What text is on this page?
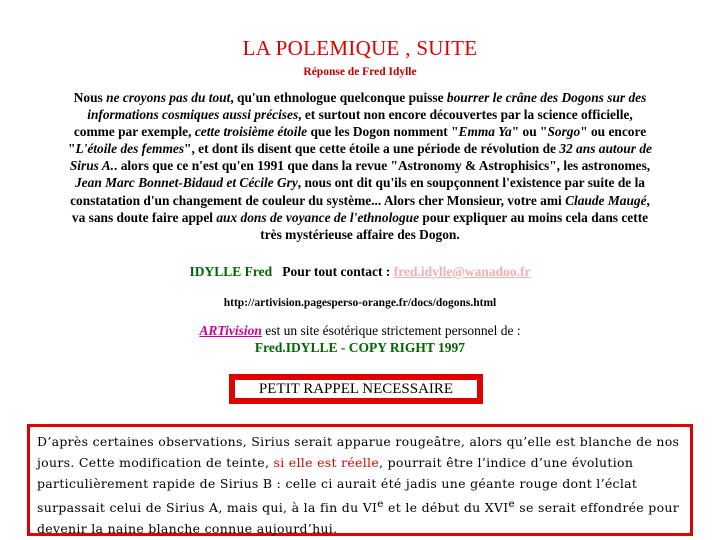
LA POLEMIQUE , SUITE
Réponse de Fred Idylle
Nous ne croyons pas du tout, qu'un ethnologue quelconque puisse bourrer le crâne des Dogons sur des informations cosmiques aussi précises, et surtout non encore découvertes par la science officielle, comme par exemple, cette troisième étoile que les Dogon nomment "Emma Ya" ou "Sorgo" ou encore "L'étoile des femmes", et dont ils disent que cette étoile a une période de révolution de 32 ans autour de Sirus A.. alors que ce n'est qu'en 1991 que dans la revue "Astronomy & Astrophisics", les astronomes, Jean Marc Bonnet-Bidaud et Cécile Gry, nous ont dit qu'ils en soupçonnent l'existence par suite de la constatation d'un changement de couleur du système... Alors cher Monsieur, votre ami Claude Maugé, va sans doute faire appel aux dons de voyance de l'ethnologue pour expliquer au moins cela dans cette très mystérieuse affaire des Dogon.
IDYLLE Fred Pour tout contact : fred.idylle@wanadoo.fr
http://artivision.pagesperso-orange.fr/docs/dogons.html
ARTivision est un site ésotérique strictement personnel de :
Fred.IDYLLE - COPY RIGHT 1997
PETIT RAPPEL NECESSAIRE
D’après certaines observations, Sirius serait apparue rougeâtre, alors qu’elle est blanche de nos jours. Cette modification de teinte, si elle est réelle, pourrait être l’indice d’une évolution particulièrement rapide de Sirius B : celle ci aurait été jadis une géante rouge dont l’éclat surpassait celui de Sirius A, mais qui, à la fin du VIe et le début du XVIe se serait effondrée pour devenir la naine blanche connue aujourd’hui.
